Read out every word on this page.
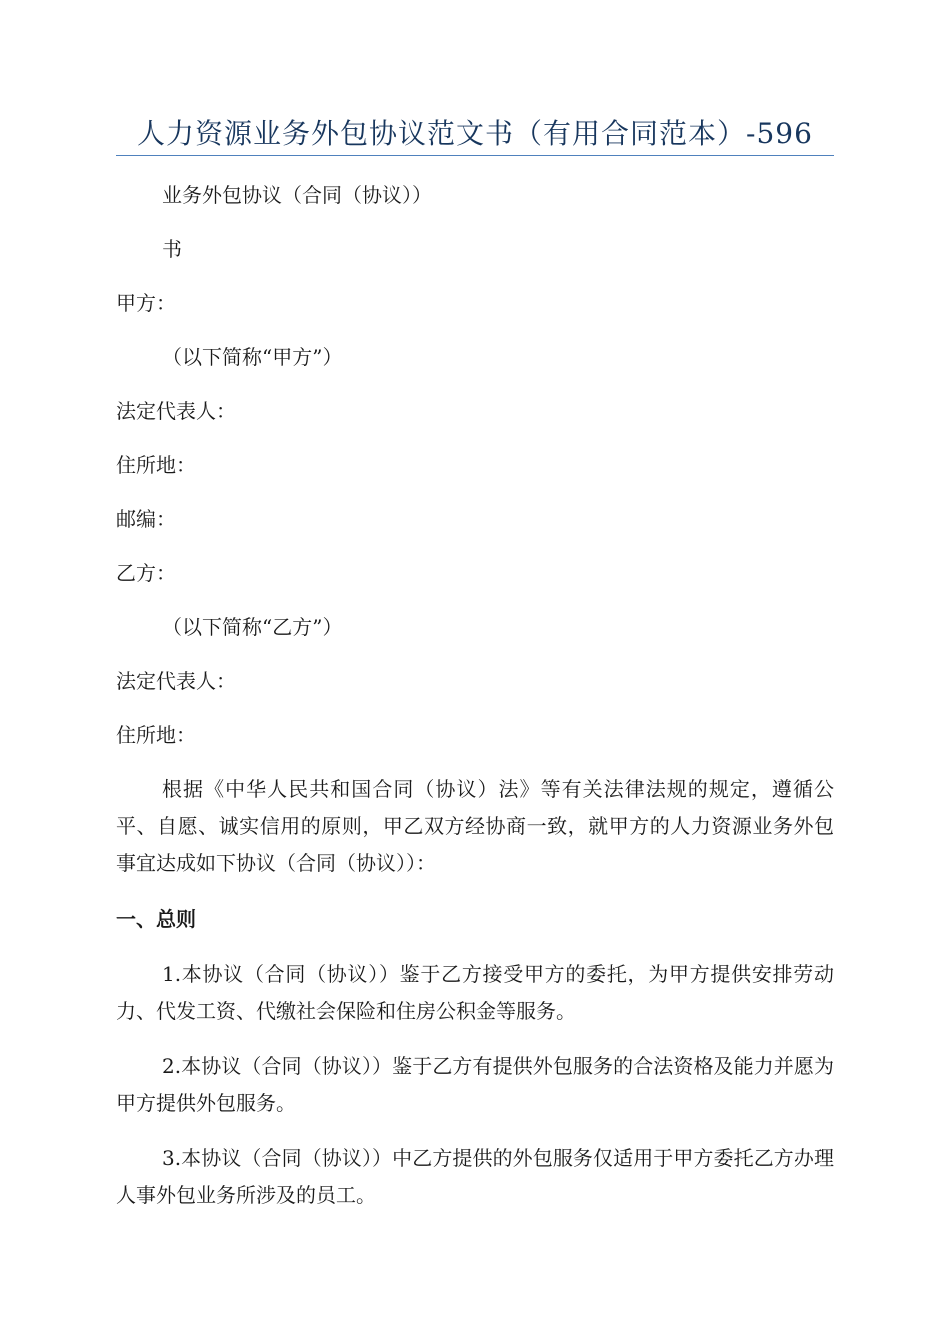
人力资源业务外包协议范文书（有用合同范本）-596
业务外包协议（合同（协议））
书
甲方：
（以下简称“甲方”）
法定代表人：
住所地：
邮编：
乙方：
（以下简称“乙方”）
法定代表人：
住所地：
根据《中华人民共和国合同（协议）法》等有关法律法规的规定，遵循公平、自愿、诚实信用的原则，甲乙双方经协商一致，就甲方的人力资源业务外包事宜达成如下协议（合同（协议））：
一、总则
1.本协议（合同（协议））鉴于乙方接受甲方的委托，为甲方提供安排劳动力、代发工资、代缴社会保险和住房公积金等服务。
2.本协议（合同（协议））鉴于乙方有提供外包服务的合法资格及能力并愿为甲方提供外包服务。
3.本协议（合同（协议））中乙方提供的外包服务仅适用于甲方委托乙方办理人事外包业务所涉及的员工。
